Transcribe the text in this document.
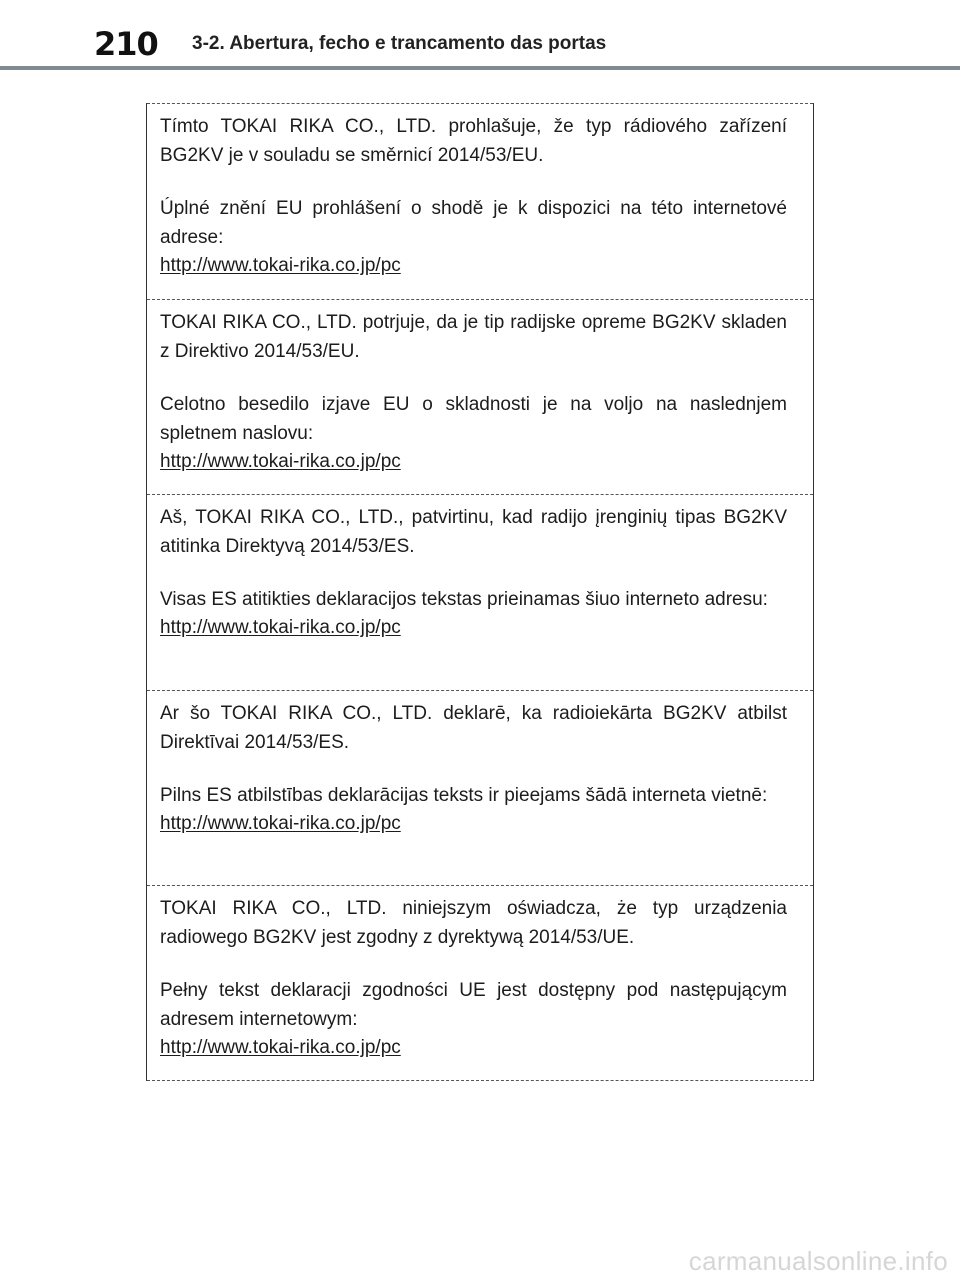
210 3-2. Abertura, fecho e trancamento das portas

Tímto TOKAI RIKA CO., LTD. prohlašuje, že typ rádiového zařízení BG2KV je v souladu se směrnicí 2014/53/EU.

Úplné znění EU prohlášení o shodě je k dispozici na této internetové adrese:

http://www.tokai-rika.co.jp/pc

TOKAI RIKA CO., LTD. potrjuje, da je tip radijske opreme BG2KV skladen z Direktivo 2014/53/EU.

Celotno besedilo izjave EU o skladnosti je na voljo na naslednjem spletnem naslovu:

http://www.tokai-rika.co.jp/pc

Aš, TOKAI RIKA CO., LTD., patvirtinu, kad radijo įrenginių tipas BG2KV atitinka Direktyvą 2014/53/ES.

Visas ES atitikties deklaracijos tekstas prieinamas šiuo interneto adresu:

http://www.tokai-rika.co.jp/pc

Ar šo TOKAI RIKA CO., LTD. deklarē, ka radioiekārta BG2KV atbilst Direktīvai 2014/53/ES.

Pilns ES atbilstības deklarācijas teksts ir pieejams šādā interneta vietnē:

http://www.tokai-rika.co.jp/pc

TOKAI RIKA CO., LTD. niniejszym oświadcza, że typ urządzenia radiowego BG2KV jest zgodny z dyrektywą 2014/53/UE.

Pełny tekst deklaracji zgodności UE jest dostępny pod następującym adresem internetowym:

http://www.tokai-rika.co.jp/pc
carmanualsonline.info
